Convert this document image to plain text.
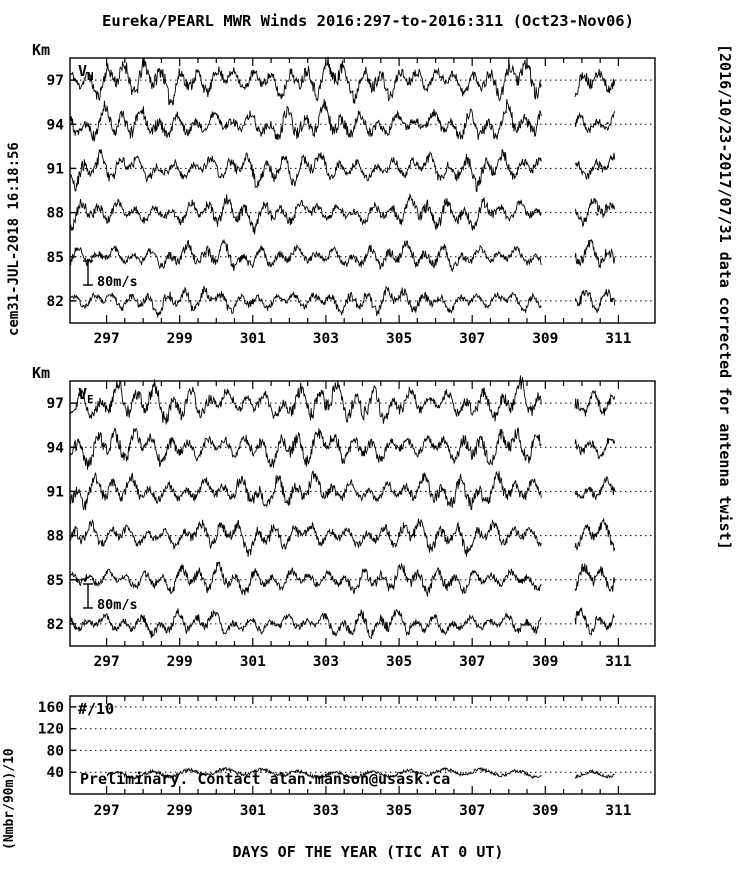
Eureka/PEARL MWR Winds 2016:297-to-2016:311 (Oct23-Nov06)
cem31-JUL-2018 16:18:56	[2016/10/23-2017/07/31 data corrected for antenna twist]
(Nmbr/90m)/10
82
85
88
91
94
97
297	299	301	303	305	307	309	311
Km
$V_N$
80m/s
82
85
88
91
94
97
297	299	301	303	305	307	309	311
Km
$V_E$
80m/s
40
80
120
160
297	299	301	303	305	307	309	311
#/10
Preliminary. Contact alan.manson@usask.ca
DAYS OF THE YEAR (TIC AT 0 UT)
